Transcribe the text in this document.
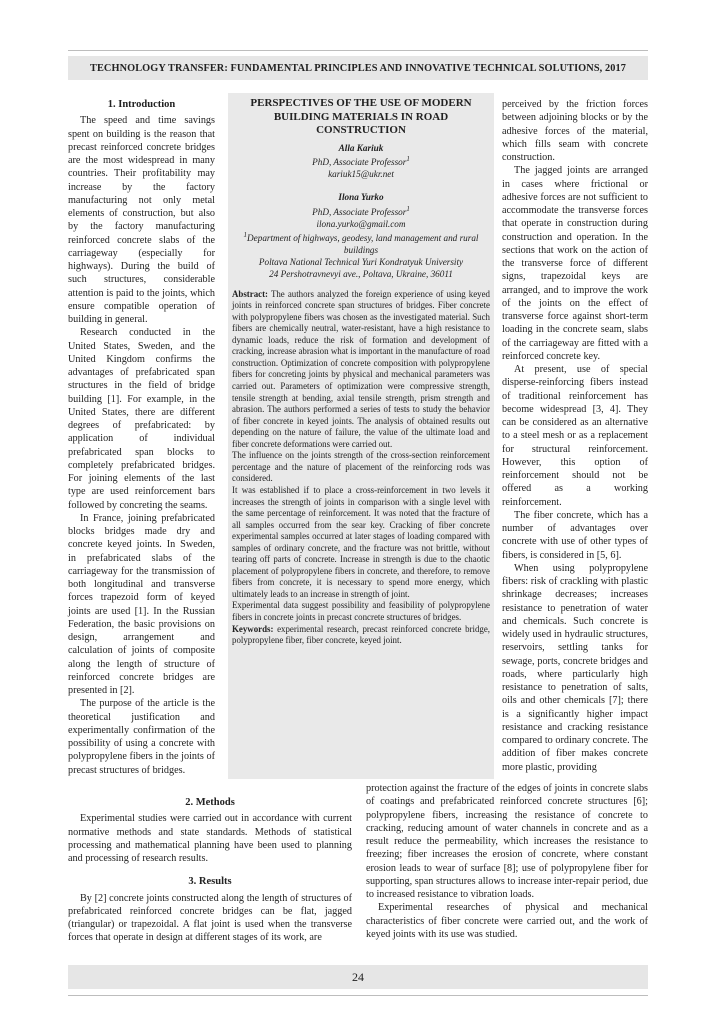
TECHNOLOGY TRANSFER: FUNDAMENTAL PRINCIPLES AND INNOVATIVE TECHNICAL SOLUTIONS, 2017
1. Introduction

The speed and time savings spent on building is the reason that precast reinforced concrete bridges are the most widespread in many countries. Their profitability may increase by the factory manufacturing not only metal elements of construction, but also by the factory manufacturing reinforced concrete slabs of the carriageway (especially for highways). During the build of such structures, considerable attention is paid to the joints, which ensure compatible operation of building in general.

Research conducted in the United States, Sweden, and the United Kingdom confirms the advantages of prefabricated span structures in the field of bridge building [1]. For example, in the United States, there are different degrees of prefabricated: by application of individual prefabricated span blocks to completely prefabricated bridges. For joining elements of the last type are used reinforcement bars followed by concreting the seams.

In France, joining prefabricated blocks bridges made dry and concrete keyed joints. In Sweden, in prefabricated slabs of the carriageway for the transmission of both longitudinal and transverse forces trapezoid form of keyed joints are used [1]. In the Russian Federation, the basic provisions on design, arrangement and calculation of joints of composite along the length of structure of reinforced concrete bridges are presented in [2].

The purpose of the article is the theoretical justification and experimentally confirmation of the possibility of using a concrete with polypropylene fibers in the joints of precast structures of bridges.

PERSPECTIVES OF THE USE OF MODERN BUILDING MATERIALS IN ROAD CONSTRUCTION

Alla Kariuk

PhD, Associate Professor$^1$

kariuk15@ukr.net

Ilona Yurko

PhD, Associate Professor$^1$

ilona.yurko@gmail.com

$^1$Department of highways, geodesy, land management and rural buildings

Poltava National Technical Yuri Kondratyuk University

24 Pershotravnevyi ave., Poltava, Ukraine, 36011

Abstract: The authors analyzed the foreign experience of using keyed joints in reinforced concrete span structures of bridges. Fiber concrete with polypropylene fibers was chosen as the investigated material. Such fibers are chemically neutral, water-resistant, have a high resistance to dynamic loads, reduce the risk of formation and development of cracking, increase abrasion what is important in the manufacture of road construction. Optimization of concrete composition with polypropylene fibers for concreting joints by physical and mechanical parameters was carried out. Parameters of optimization were compressive strength, tensile strength at bending, axial tensile strength, prism strength and abrasion. The authors performed a series of tests to study the behavior of fiber concrete in keyed joints. The analysis of obtained results out depending on the nature of failure, the value of the ultimate load and fiber concrete deformations were carried out.

The influence on the joints strength of the cross-section reinforcement percentage and the nature of placement of the reinforcing rods was considered.

It was established if to place a cross-reinforcement in two levels it increases the strength of joints in comparison with a single level with the same percentage of reinforcement. It was noted that the fracture of all samples occurred from the sear key. Cracking of fiber concrete experimental samples occurred at later stages of loading compared with samples of ordinary concrete, and the fracture was not brittle, without tearing off parts of concrete. Increase in strength is due to the chaotic placement of polypropylene fibers in concrete, and therefore, to remove fibers from concrete, it is necessary to spend more energy, which ultimately leads to an increase in strength of joint.

Experimental data suggest possibility and feasibility of polypropylene fibers in concrete joints in precast concrete structures of bridges.

Keywords: experimental research, precast reinforced concrete bridge, polypropylene fiber, fiber concrete, keyed joint.

perceived by the friction forces between adjoining blocks or by the adhesive forces of the material, which fills seam with concrete construction.

The jagged joints are arranged in cases where frictional or adhesive forces are not sufficient to accommodate the transverse forces that operate in construction during construction and operation. In the sections that work on the action of the transverse force of different signs, trapezoidal keys are arranged, and to improve the work of the joints on the effect of transverse force against short-term loading in the concrete seam, slabs of the carriageway are fitted with a reinforced concrete key.

At present, use of special disperse-reinforcing fibers instead of traditional reinforcement has become widespread [3, 4]. They can be considered as an alternative to a steel mesh or as a replacement for structural reinforcement. However, this option of reinforcement should not be offered as a working reinforcement.

The fiber concrete, which has a number of advantages over concrete with use of other types of fibers, is considered in [5, 6].

When using polypropylene fibers: risk of crackling with plastic shrinkage decreases; increases resistance to penetration of water and chemicals. Such concrete is widely used in hydraulic structures, reservoirs, settling tanks for sewage, ports, concrete bridges and roads, where particularly high resistance to penetration of salts, oils and other chemicals [7]; there is a significantly higher impact resistance and cracking resistance compared to ordinary concrete. The addition of fiber makes concrete more plastic, providing

2. Methods

Experimental studies were carried out in accordance with current normative methods and state standards. Methods of statistical processing and mathematical planning have been used to planning and processing of research results.

3. Results

By [2] concrete joints constructed along the length of structures of prefabricated reinforced concrete bridges can be flat, jagged (triangular) or trapezoidal. A flat joint is used when the transverse forces that operate in design at different stages of its work, are

protection against the fracture of the edges of joints in concrete slabs of coatings and prefabricated reinforced concrete structures [6]; polypropylene fibers, increasing the resistance of concrete to cracking, reducing amount of water channels in concrete and as a result reduce the permeability, which increases the resistance to freezing; fiber increases the erosion of concrete, where constant erosion leads to wear of surface [8]; use of polypropylene fiber for supporting, span structures allows to increase inter-repair period, due to increased resistance to vibration loads.

Experimental researches of physical and mechanical characteristics of fiber concrete were carried out, and the work of keyed joints with its use was studied.

24
